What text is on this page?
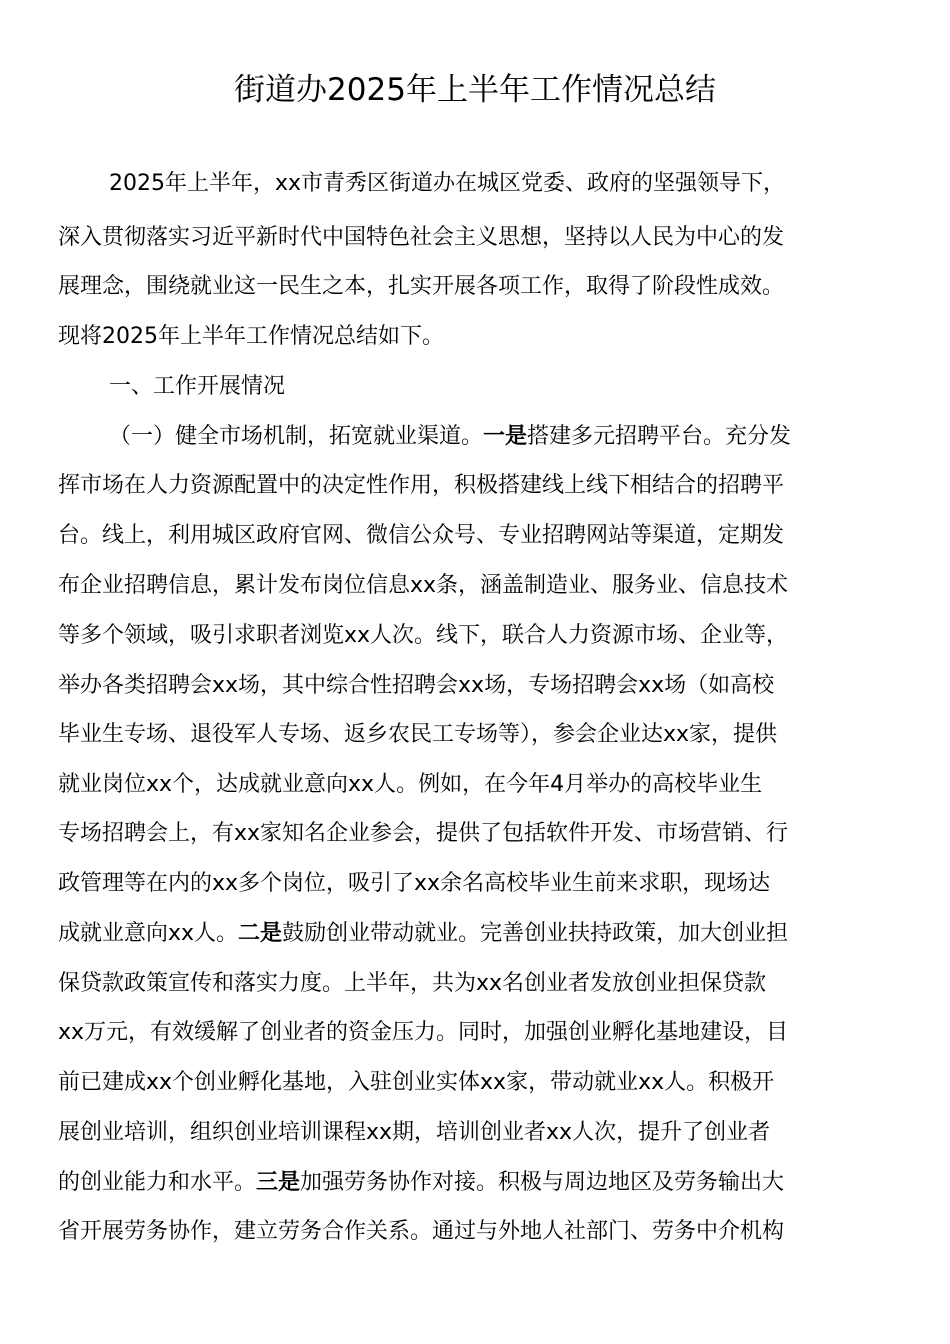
街道办2025年上半年工作情况总结
2025年上半年，xx市青秀区街道办在城区党委、政府的坚强领导下，
深入贯彻落实习近平新时代中国特色社会主义思想，坚持以人民为中心的发
展理念，围绕就业这一民生之本，扎实开展各项工作，取得了阶段性成效。
现将2025年上半年工作情况总结如下。
一、工作开展情况
（一）健全市场机制，拓宽就业渠道。一是搭建多元招聘平台。充分发
挥市场在人力资源配置中的决定性作用，积极搭建线上线下相结合的招聘平
台。线上，利用城区政府官网、微信公众号、专业招聘网站等渠道，定期发
布企业招聘信息，累计发布岗位信息xx条，涵盖制造业、服务业、信息技术
等多个领域，吸引求职者浏览xx人次。线下，联合人力资源市场、企业等，
举办各类招聘会xx场，其中综合性招聘会xx场，专场招聘会xx场（如高校
毕业生专场、退役军人专场、返乡农民工专场等），参会企业达xx家，提供
就业岗位xx个，达成就业意向xx人。例如，在今年4月举办的高校毕业生
专场招聘会上，有xx家知名企业参会，提供了包括软件开发、市场营销、行
政管理等在内的xx多个岗位，吸引了xx余名高校毕业生前来求职，现场达
成就业意向xx人。二是鼓励创业带动就业。完善创业扶持政策，加大创业担
保贷款政策宣传和落实力度。上半年，共为xx名创业者发放创业担保贷款
xx万元，有效缓解了创业者的资金压力。同时，加强创业孵化基地建设，目
前已建成xx个创业孵化基地，入驻创业实体xx家，带动就业xx人。积极开
展创业培训，组织创业培训课程xx期，培训创业者xx人次，提升了创业者
的创业能力和水平。三是加强劳务协作对接。积极与周边地区及劳务输出大
省开展劳务协作，建立劳务合作关系。通过与外地人社部门、劳务中介机构
